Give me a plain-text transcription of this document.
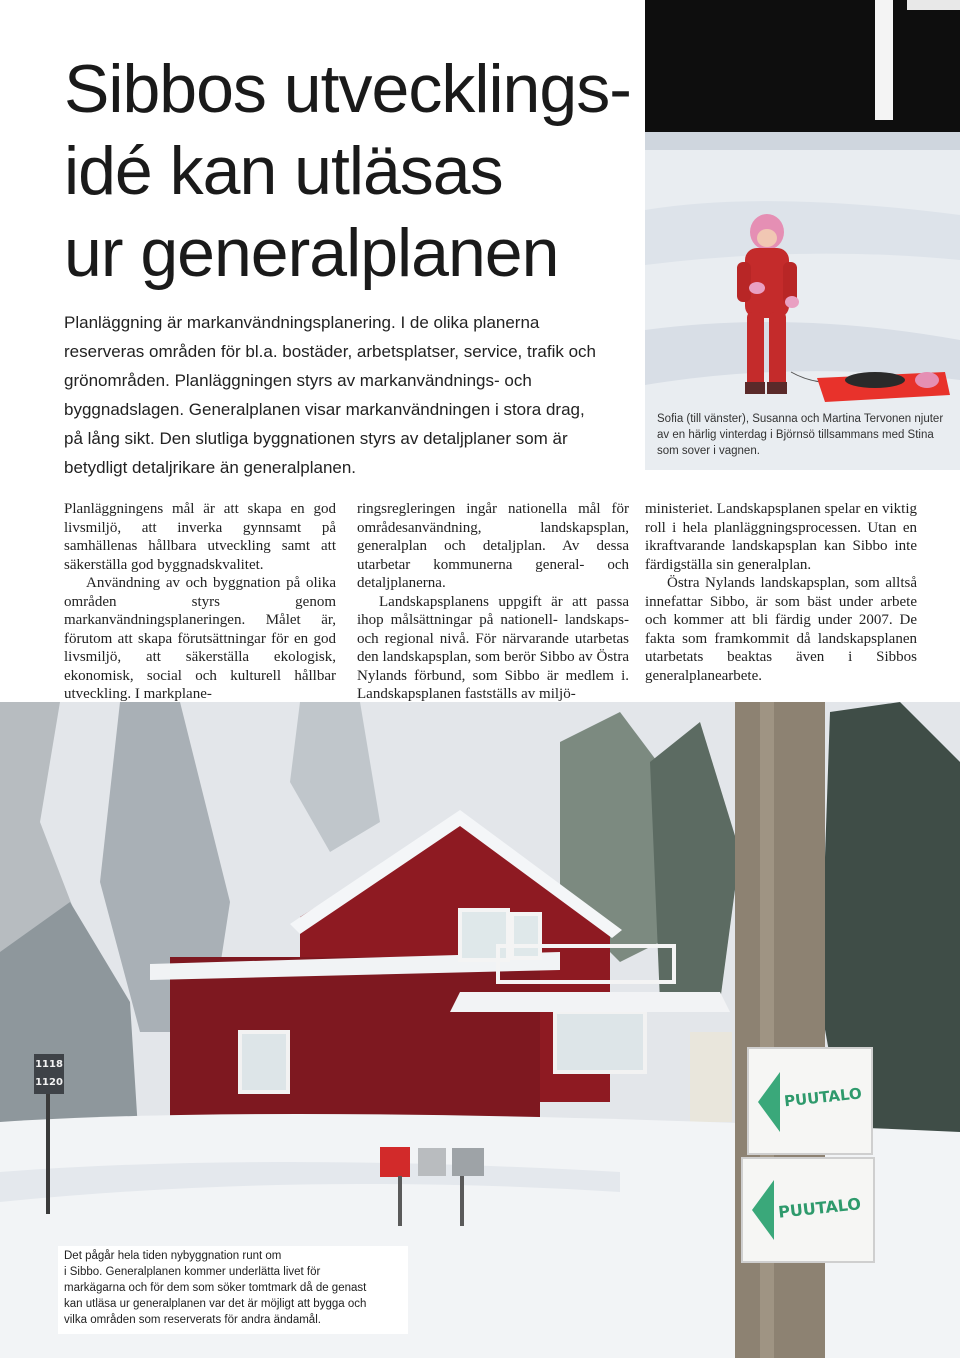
Sibbos utvecklings-
idé kan utläsas
ur generalplanen

Planläggning är markanvändningsplanering. I de olika planerna
reserveras områden för bl.a. bostäder, arbetsplatser, service, trafik och
grönområden. Planläggningen styrs av markanvändnings- och
byggnadslagen. Generalplanen visar markanvändningen i stora drag,
på lång sikt. Den slutliga byggnationen styrs av detaljplaner som är
betydligt detaljrikare än generalplanen.

Sofia (till vänster), Susanna och Martina Tervonen njuter av en härlig vinterdag i Björnsö tillsammans med Stina som sover i vagnen.

Planläggningens mål är att skapa en god livsmiljö, att inverka gynnsamt på samhällenas hållbara utveckling samt att säkerställa god byggnadskvalitet.

Användning av och byggnation på olika områden styrs genom markanvändningsplaneringen. Målet är, förutom att skapa förutsättningar för en god livsmiljö, att säkerställa ekologisk, ekonomisk, social och kulturell hållbar utveckling. I markplane-

ringsregleringen ingår nationella mål för områdesanvändning, landskapsplan, generalplan och detaljplan. Av dessa utarbetar kommunerna general- och detaljplanerna.

Landskapsplanens uppgift är att passa ihop målsättningar på nationell- landskaps- och regional nivå. För närvarande utarbetas den landskapsplan, som berör Sibbo av Östra Nylands förbund, som Sibbo är medlem i. Landskapsplanen fastställs av miljö-

ministeriet. Landskapsplanen spelar en viktig roll i hela planläggningsprocessen. Utan en ikraftvarande landskapsplan kan Sibbo inte färdigställa sin generalplan.

Östra Nylands landskapsplan, som alltså innefattar Sibbo, är som bäst under arbete och kommer att bli färdig under 2007. De fakta som framkommit då landskapsplanen utarbetats beaktas även i Sibbos generalplanearbete.

1118
1120
PUUTALO
PUUTALO

Det pågår hela tiden nybyggnation runt om
i Sibbo. Generalplanen kommer underlätta livet för
markägarna och för dem som söker tomtmark då de genast
kan utläsa ur generalplanen var det är möjligt att bygga och
vilka områden som reserverats för andra ändamål.
